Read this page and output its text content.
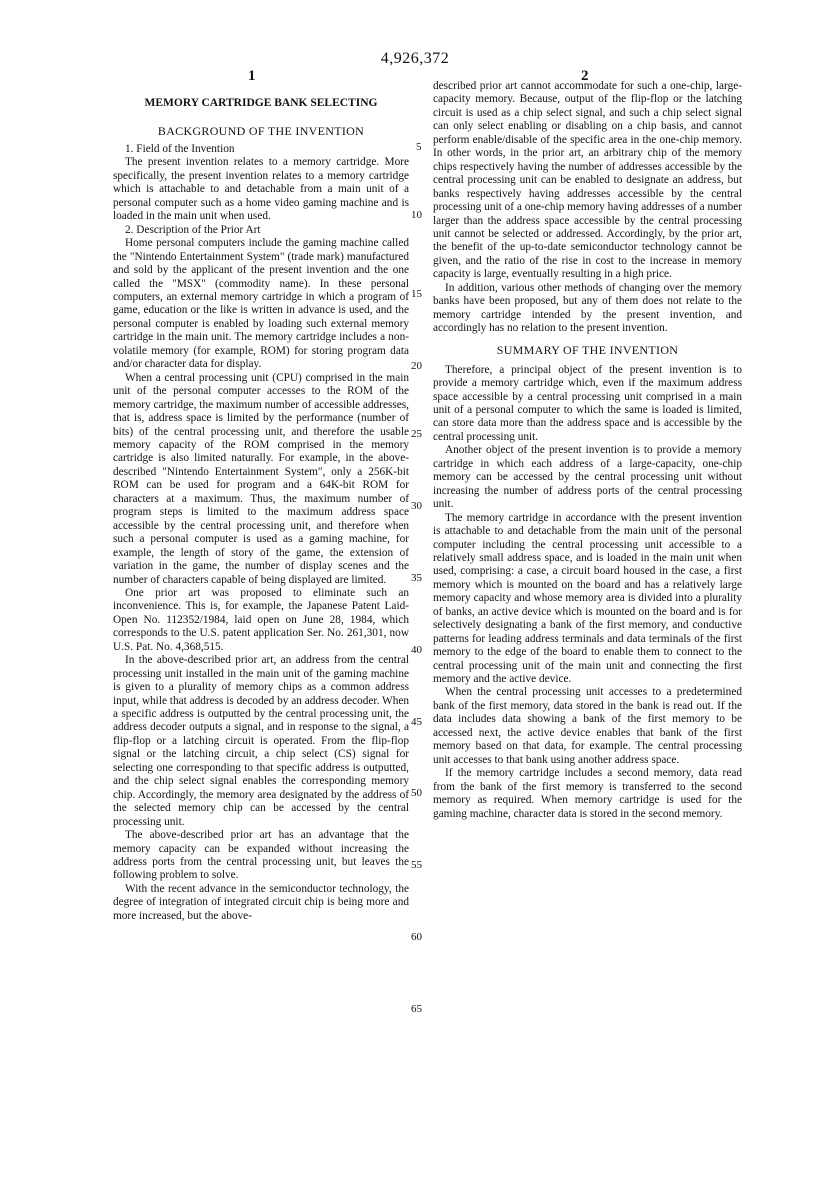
4,926,372
1	2
MEMORY CARTRIDGE BANK SELECTING
BACKGROUND OF THE INVENTION

1. Field of the Invention

The present invention relates to a memory cartridge. More specifically, the present invention relates to a memory cartridge which is attachable to and detachable from a main unit of a personal computer such as a home video gaming machine and is loaded in the main unit when used.

2. Description of the Prior Art

Home personal computers include the gaming machine called the "Nintendo Entertainment System" (trade mark) manufactured and sold by the applicant of the present invention and the one called the "MSX" (commodity name). In these personal computers, an external memory cartridge in which a program of game, education or the like is written in advance is used, and the personal computer is enabled by loading such external memory cartridge in the main unit. The memory cartridge includes a non-volatile memory (for example, ROM) for storing program data and/or character data for display.

When a central processing unit (CPU) comprised in the main unit of the personal computer accesses to the ROM of the memory cartridge, the maximum number of accessible addresses, that is, address space is limited by the performance (number of bits) of the central processing unit, and therefore the usable memory capacity of the ROM comprised in the memory cartridge is also limited naturally. For example, in the above-described "Nintendo Entertainment System", only a 256K-bit ROM can be used for program and a 64K-bit ROM for characters at a maximum. Thus, the maximum number of program steps is limited to the maximum address space accessible by the central processing unit, and therefore when such a personal computer is used as a gaming machine, for example, the length of story of the game, the extension of variation in the game, the number of display scenes and the number of characters capable of being displayed are limited.

One prior art was proposed to eliminate such an inconvenience. This is, for example, the Japanese Patent Laid-Open No. 112352/1984, laid open on June 28, 1984, which corresponds to the U.S. patent application Ser. No. 261,301, now U.S. Pat. No. 4,368,515.

In the above-described prior art, an address from the central processing unit installed in the main unit of the gaming machine is given to a plurality of memory chips as a common address input, while that address is decoded by an address decoder. When a specific address is outputted by the central processing unit, the address decoder outputs a signal, and in response to the signal, a flip-flop or a latching circuit is operated. From the flip-flop signal or the latching circuit, a chip select (CS) signal for selecting one corresponding to that specific address is outputted, and the chip select signal enables the corresponding memory chip. Accordingly, the memory area designated by the address of the selected memory chip can be accessed by the central processing unit.

The above-described prior art has an advantage that the memory capacity can be expanded without increasing the address ports from the central processing unit, but leaves the following problem to solve.

With the recent advance in the semiconductor technology, the degree of integration of integrated circuit chip is being more and more increased, but the above-

5
10
15
20
25
30
35
40
45
50
55
60
65

described prior art cannot accommodate for such a one-chip, large-capacity memory. Because, output of the flip-flop or the latching circuit is used as a chip select signal, and such a chip select signal can only select enabling or disabling on a chip basis, and cannot perform enable/disable of the specific area in the one-chip memory. In other words, in the prior art, an arbitrary chip of the memory chips respectively having the number of addresses accessible by the central processing unit can be enabled to designate an address, but banks respectively having addresses accessible by the central processing unit of a one-chip memory having addresses of a number larger than the address space accessible by the central processing unit cannot be selected or addressed. Accordingly, by the prior art, the benefit of the up-to-date semiconductor technology cannot be given, and the ratio of the rise in cost to the increase in memory capacity is large, eventually resulting in a high price.

In addition, various other methods of changing over the memory banks have been proposed, but any of them does not relate to the memory cartridge intended by the present invention, and accordingly has no relation to the present invention.

SUMMARY OF THE INVENTION

Therefore, a principal object of the present invention is to provide a memory cartridge which, even if the maximum address space accessible by a central processing unit comprised in a main unit of a personal computer to which the same is loaded is limited, can store data more than the address space and is accessible by the central processing unit.

Another object of the present invention is to provide a memory cartridge in which each address of a large-capacity, one-chip memory can be accessed by the central processing unit without increasing the number of address ports of the central processing unit.

The memory cartridge in accordance with the present invention is attachable to and detachable from the main unit of the personal computer including the central processing unit accessible to a relatively small address space, and is loaded in the main unit when used, comprising: a case, a circuit board housed in the case, a first memory which is mounted on the board and has a relatively large memory capacity and whose memory area is divided into a plurality of banks, an active device which is mounted on the board and is for selectively designating a bank of the first memory, and conductive patterns for leading address terminals and data terminals of the first memory to the edge of the board to enable them to connect to the central processing unit of the main unit and connecting the first memory and the active device.

When the central processing unit accesses to a predetermined bank of the first memory, data stored in the bank is read out. If the data includes data showing a bank of the first memory to be accessed next, the active device enables that bank of the first memory based on that data, for example. The central processing unit accesses to that bank using another address space.

If the memory cartridge includes a second memory, data read from the bank of the first memory is transferred to the second memory as required. When memory cartridge is used for the gaming machine, character data is stored in the second memory.
